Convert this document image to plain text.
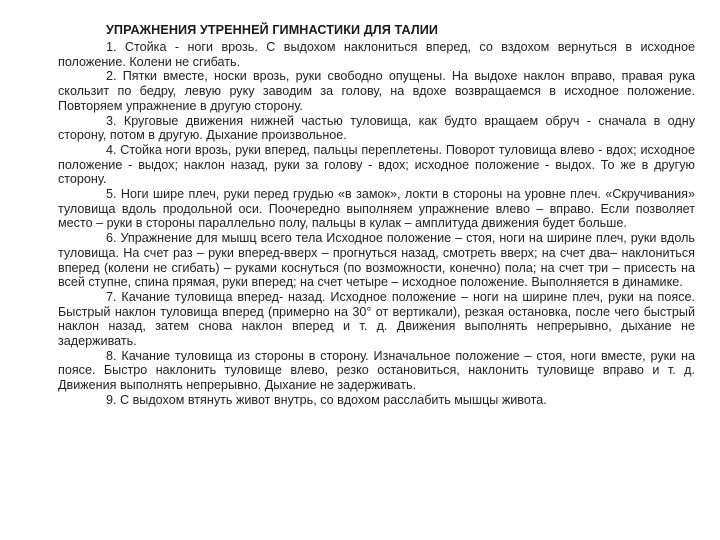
УПРАЖНЕНИЯ УТРЕННЕЙ ГИМНАСТИКИ ДЛЯ ТАЛИИ

1. Стойка - ноги врозь. С выдохом наклониться вперед, со вздохом вернуться в исходное положение. Колени не сгибать.

2. Пятки вместе, носки врозь, руки свободно опущены. На выдохе наклон вправо, правая рука скользит по бедру, левую руку заводим за голову, на вдохе возвращаемся в исходное положение. Повторяем упражнение в другую сторону.

3. Круговые движения нижней частью туловища, как будто вращаем обруч - сначала в одну сторону, потом в другую. Дыхание произвольное.

4. Стойка ноги врозь, руки вперед, пальцы переплетены. Поворот туловища влево - вдох; исходное положение - выдох; наклон назад, руки за голову - вдох; исходное положение - выдох. То же в другую сторону.

5. Ноги шире плеч, руки перед грудью «в замок», локти в стороны на уровне плеч. «Скручивания» туловища вдоль продольной оси. Поочередно выполняем упражнение влево – вправо. Если позволяет место – руки в стороны параллельно полу, пальцы в кулак – амплитуда движения будет больше.

6. Упражнение для мышц всего тела Исходное положение – стоя, ноги на ширине плеч, руки вдоль туловища. На счет раз – руки вперед-вверх – прогнуться назад, смотреть вверх; на счет два– наклониться вперед (колени не сгибать) – руками коснуться (по возможности, конечно) пола; на счет три – присесть на всей ступне, спина прямая, руки вперед; на счет четыре – исходное положение. Выполняется в динамике.

7. Качание туловища вперед- назад. Исходное положение – ноги на ширине плеч, руки на поясе. Быстрый наклон туловища вперед (примерно на 30° от вертикали), резкая остановка, после чего быстрый наклон назад, затем снова наклон вперед и т. д. Движения выполнять непрерывно, дыхание не задерживать.

8. Качание туловища из стороны в сторону. Изначальное положение – стоя, ноги вместе, руки на поясе. Быстро наклонить туловище влево, резко остановиться, наклонить туловище вправо и т. д. Движения выполнять непрерывно. Дыхание не задерживать.

9. С выдохом втянуть живот внутрь, со вдохом расслабить мышцы живота.
